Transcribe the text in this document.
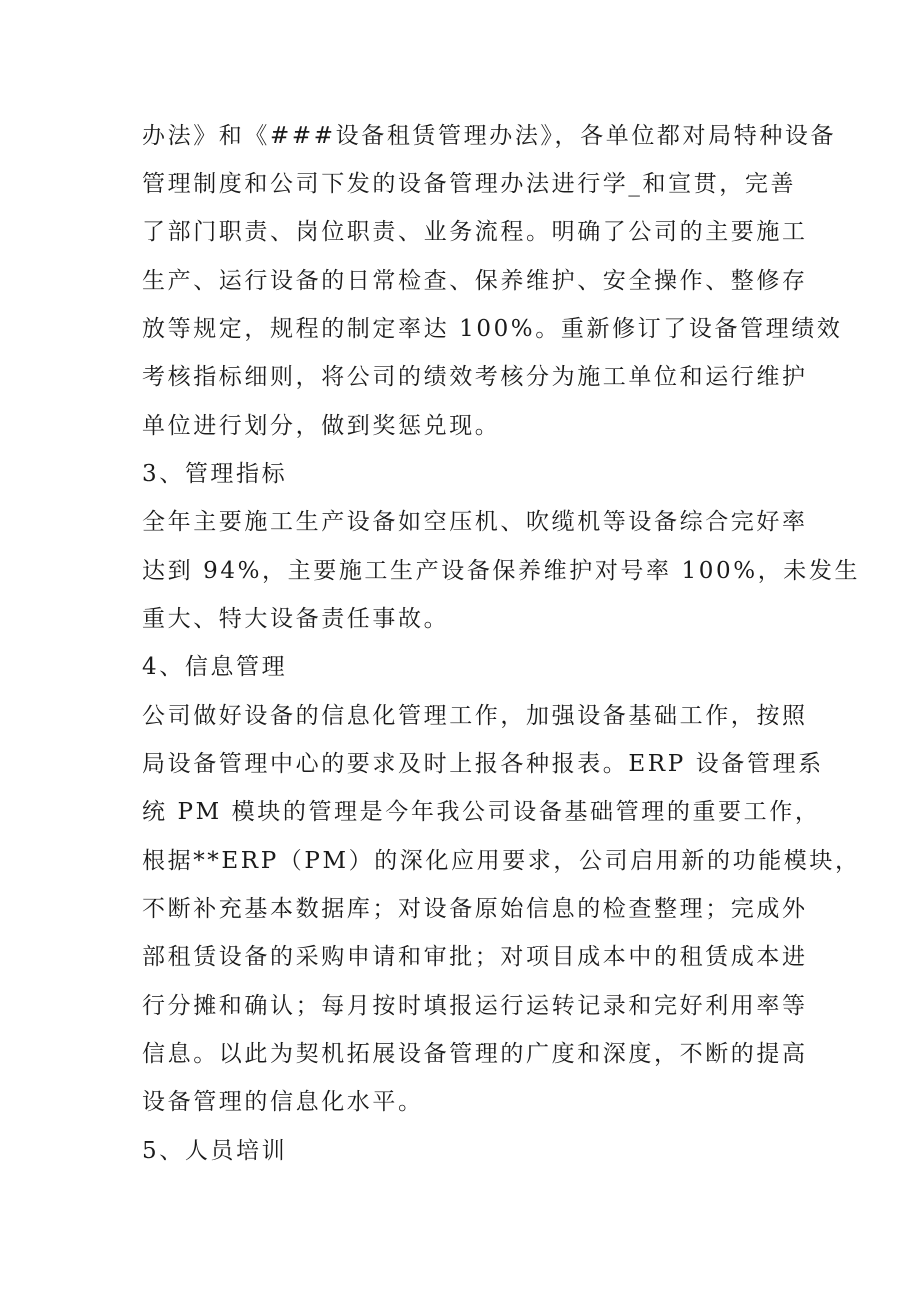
办法》和《###设备租赁管理办法》，各单位都对局特种设备
管理制度和公司下发的设备管理办法进行学_和宣贯，完善
了部门职责、岗位职责、业务流程。明确了公司的主要施工
生产、运行设备的日常检查、保养维护、安全操作、整修存
放等规定，规程的制定率达 100%。重新修订了设备管理绩效
考核指标细则，将公司的绩效考核分为施工单位和运行维护
单位进行划分，做到奖惩兑现。
3、管理指标
全年主要施工生产设备如空压机、吹缆机等设备综合完好率
达到 94%，主要施工生产设备保养维护对号率 100%，未发生
重大、特大设备责任事故。
4、信息管理
公司做好设备的信息化管理工作，加强设备基础工作，按照
局设备管理中心的要求及时上报各种报表。ERP 设备管理系
统 PM 模块的管理是今年我公司设备基础管理的重要工作，
根据**ERP（PM）的深化应用要求，公司启用新的功能模块，
不断补充基本数据库；对设备原始信息的检查整理；完成外
部租赁设备的采购申请和审批；对项目成本中的租赁成本进
行分摊和确认；每月按时填报运行运转记录和完好利用率等
信息。以此为契机拓展设备管理的广度和深度，不断的提高
设备管理的信息化水平。
5、人员培训
